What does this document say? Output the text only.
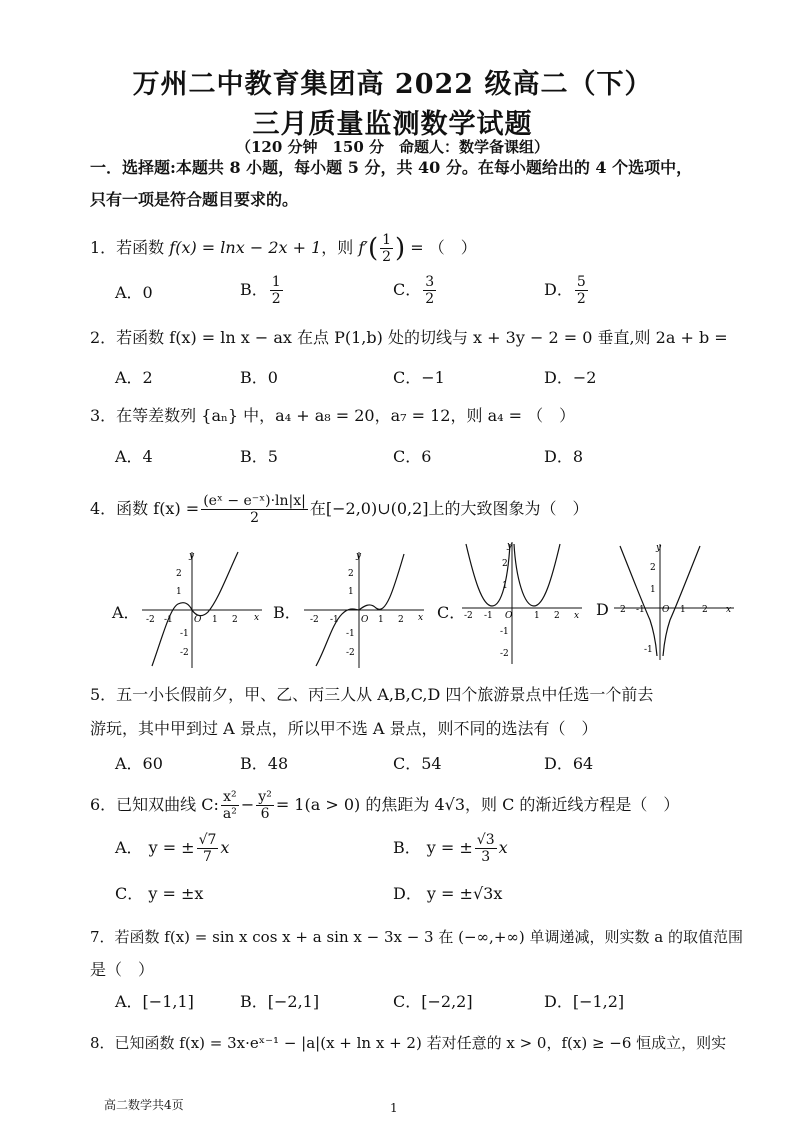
万州二中教育集团高 2022 级高二（下）
三月质量监测数学试题
（120 分钟　150 分　命题人：数学备课组）
一．选择题:本题共 8 小题，每小题 5 分，共 40 分。在每小题给出的 4 个选项中，
只有一项是符合题目要求的。
1．若函数 f(x) = lnx − 2x + 1，则 $f'( \frac{1}{2}$ ) = （　）
A．0	B． $\frac{1}{2}$	C． $\frac{3}{2}$	D． $\frac{5}{2}$
2．若函数 f(x) = ln x − ax 在点 P(1,b) 处的切线与 x + 3y − 2 = 0 垂直,则 2a + b =
A．2	B．0	C．−1	D．−2
3．在等差数列 {aₙ} 中，a₄ + a₈ = 20，a₇ = 12，则 a₄ = （　）
A．4	B．5	C．6	D．8
4．函数 $f(x) = \frac{\text{(eˣ − e⁻ˣ)·ln|x|}}{2}$ 在[−2,0)∪(0,2]上的大致图象为（　）
A．	B．	C．	D
y
x
2
1
-1
-2
-2 -1 O 1 2
y
x
2
1
-1
-2
-2 -1 O 1 2
y
x
2
1
-1
-2
-2 -1 O 1 2
y
x
2
1
-1
2 -1 O 1 2
5．五一小长假前夕，甲、乙、丙三人从 A,B,C,D 四个旅游景点中任选一个前去
游玩，其中甲到过 A 景点，所以甲不选 A 景点，则不同的选法有（　）
A．60	B．48	C．54	D．64
6．已知双曲线 C: $\frac{\text{x²}}{\text{a²}} - \frac{\text{y²}}{6} = 1(a > 0)$ 的焦距为 4√3，则 C 的渐近线方程是（　）
A． y = ± $\frac{√7}{7}$ x	B． y = ± $\frac{√3}{3}$ x
C． y = ±x	D． y = ±√3x
7．若函数 f(x) = sin x cos x + a sin x − 3x − 3 在 (−∞,+∞) 单调递减，则实数 a 的取值范围
是（　）
A．[−1,1]	B．[−2,1]	C．[−2,2]	D．[−1,2]
8．已知函数 f(x) = 3x·eˣ⁻¹ − |a|(x + ln x + 2) 若对任意的 x > 0，f(x) ≥ −6 恒成立，则实
高二数学共4页	1
